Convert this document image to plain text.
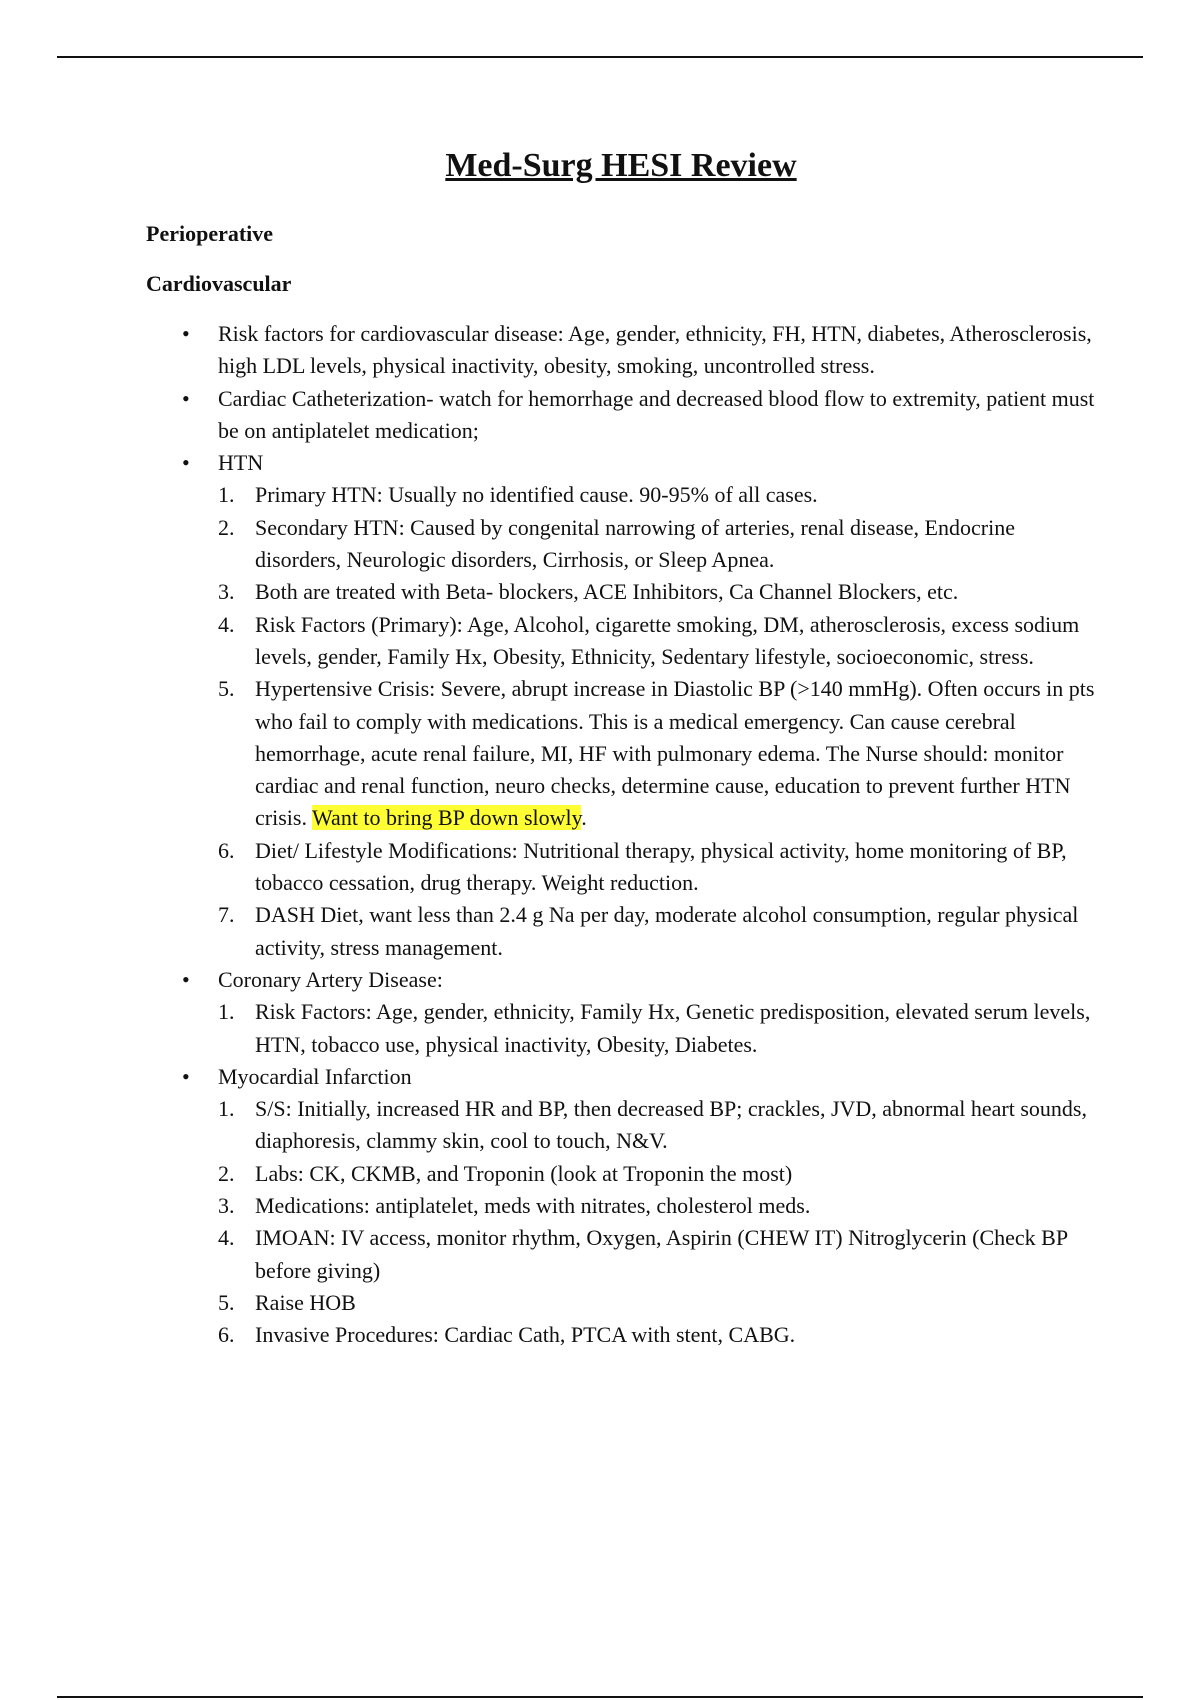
Med-Surg HESI Review
Perioperative
Cardiovascular
• Risk factors for cardiovascular disease: Age, gender, ethnicity, FH, HTN, diabetes, Atherosclerosis, high LDL levels, physical inactivity, obesity, smoking, uncontrolled stress.
• Cardiac Catheterization- watch for hemorrhage and decreased blood flow to extremity, patient must be on antiplatelet medication;
• HTN
1. Primary HTN: Usually no identified cause. 90-95% of all cases.
2. Secondary HTN: Caused by congenital narrowing of arteries, renal disease, Endocrine disorders, Neurologic disorders, Cirrhosis, or Sleep Apnea.
3. Both are treated with Beta- blockers, ACE Inhibitors, Ca Channel Blockers, etc.
4. Risk Factors (Primary): Age, Alcohol, cigarette smoking, DM, atherosclerosis, excess sodium levels, gender, Family Hx, Obesity, Ethnicity, Sedentary lifestyle, socioeconomic, stress.
5. Hypertensive Crisis: Severe, abrupt increase in Diastolic BP (>140 mmHg). Often occurs in pts who fail to comply with medications. This is a medical emergency. Can cause cerebral hemorrhage, acute renal failure, MI, HF with pulmonary edema. The Nurse should: monitor cardiac and renal function, neuro checks, determine cause, education to prevent further HTN crisis. Want to bring BP down slowly.
6. Diet/ Lifestyle Modifications: Nutritional therapy, physical activity, home monitoring of BP, tobacco cessation, drug therapy. Weight reduction.
7. DASH Diet, want less than 2.4 g Na per day, moderate alcohol consumption, regular physical activity, stress management.
• Coronary Artery Disease:
1. Risk Factors: Age, gender, ethnicity, Family Hx, Genetic predisposition, elevated serum levels, HTN, tobacco use, physical inactivity, Obesity, Diabetes.
• Myocardial Infarction
1. S/S: Initially, increased HR and BP, then decreased BP; crackles, JVD, abnormal heart sounds, diaphoresis, clammy skin, cool to touch, N&V.
2. Labs: CK, CKMB, and Troponin (look at Troponin the most)
3. Medications: antiplatelet, meds with nitrates, cholesterol meds.
4. IMOAN: IV access, monitor rhythm, Oxygen, Aspirin (CHEW IT) Nitroglycerin (Check BP before giving)
5. Raise HOB
6. Invasive Procedures: Cardiac Cath, PTCA with stent, CABG.
